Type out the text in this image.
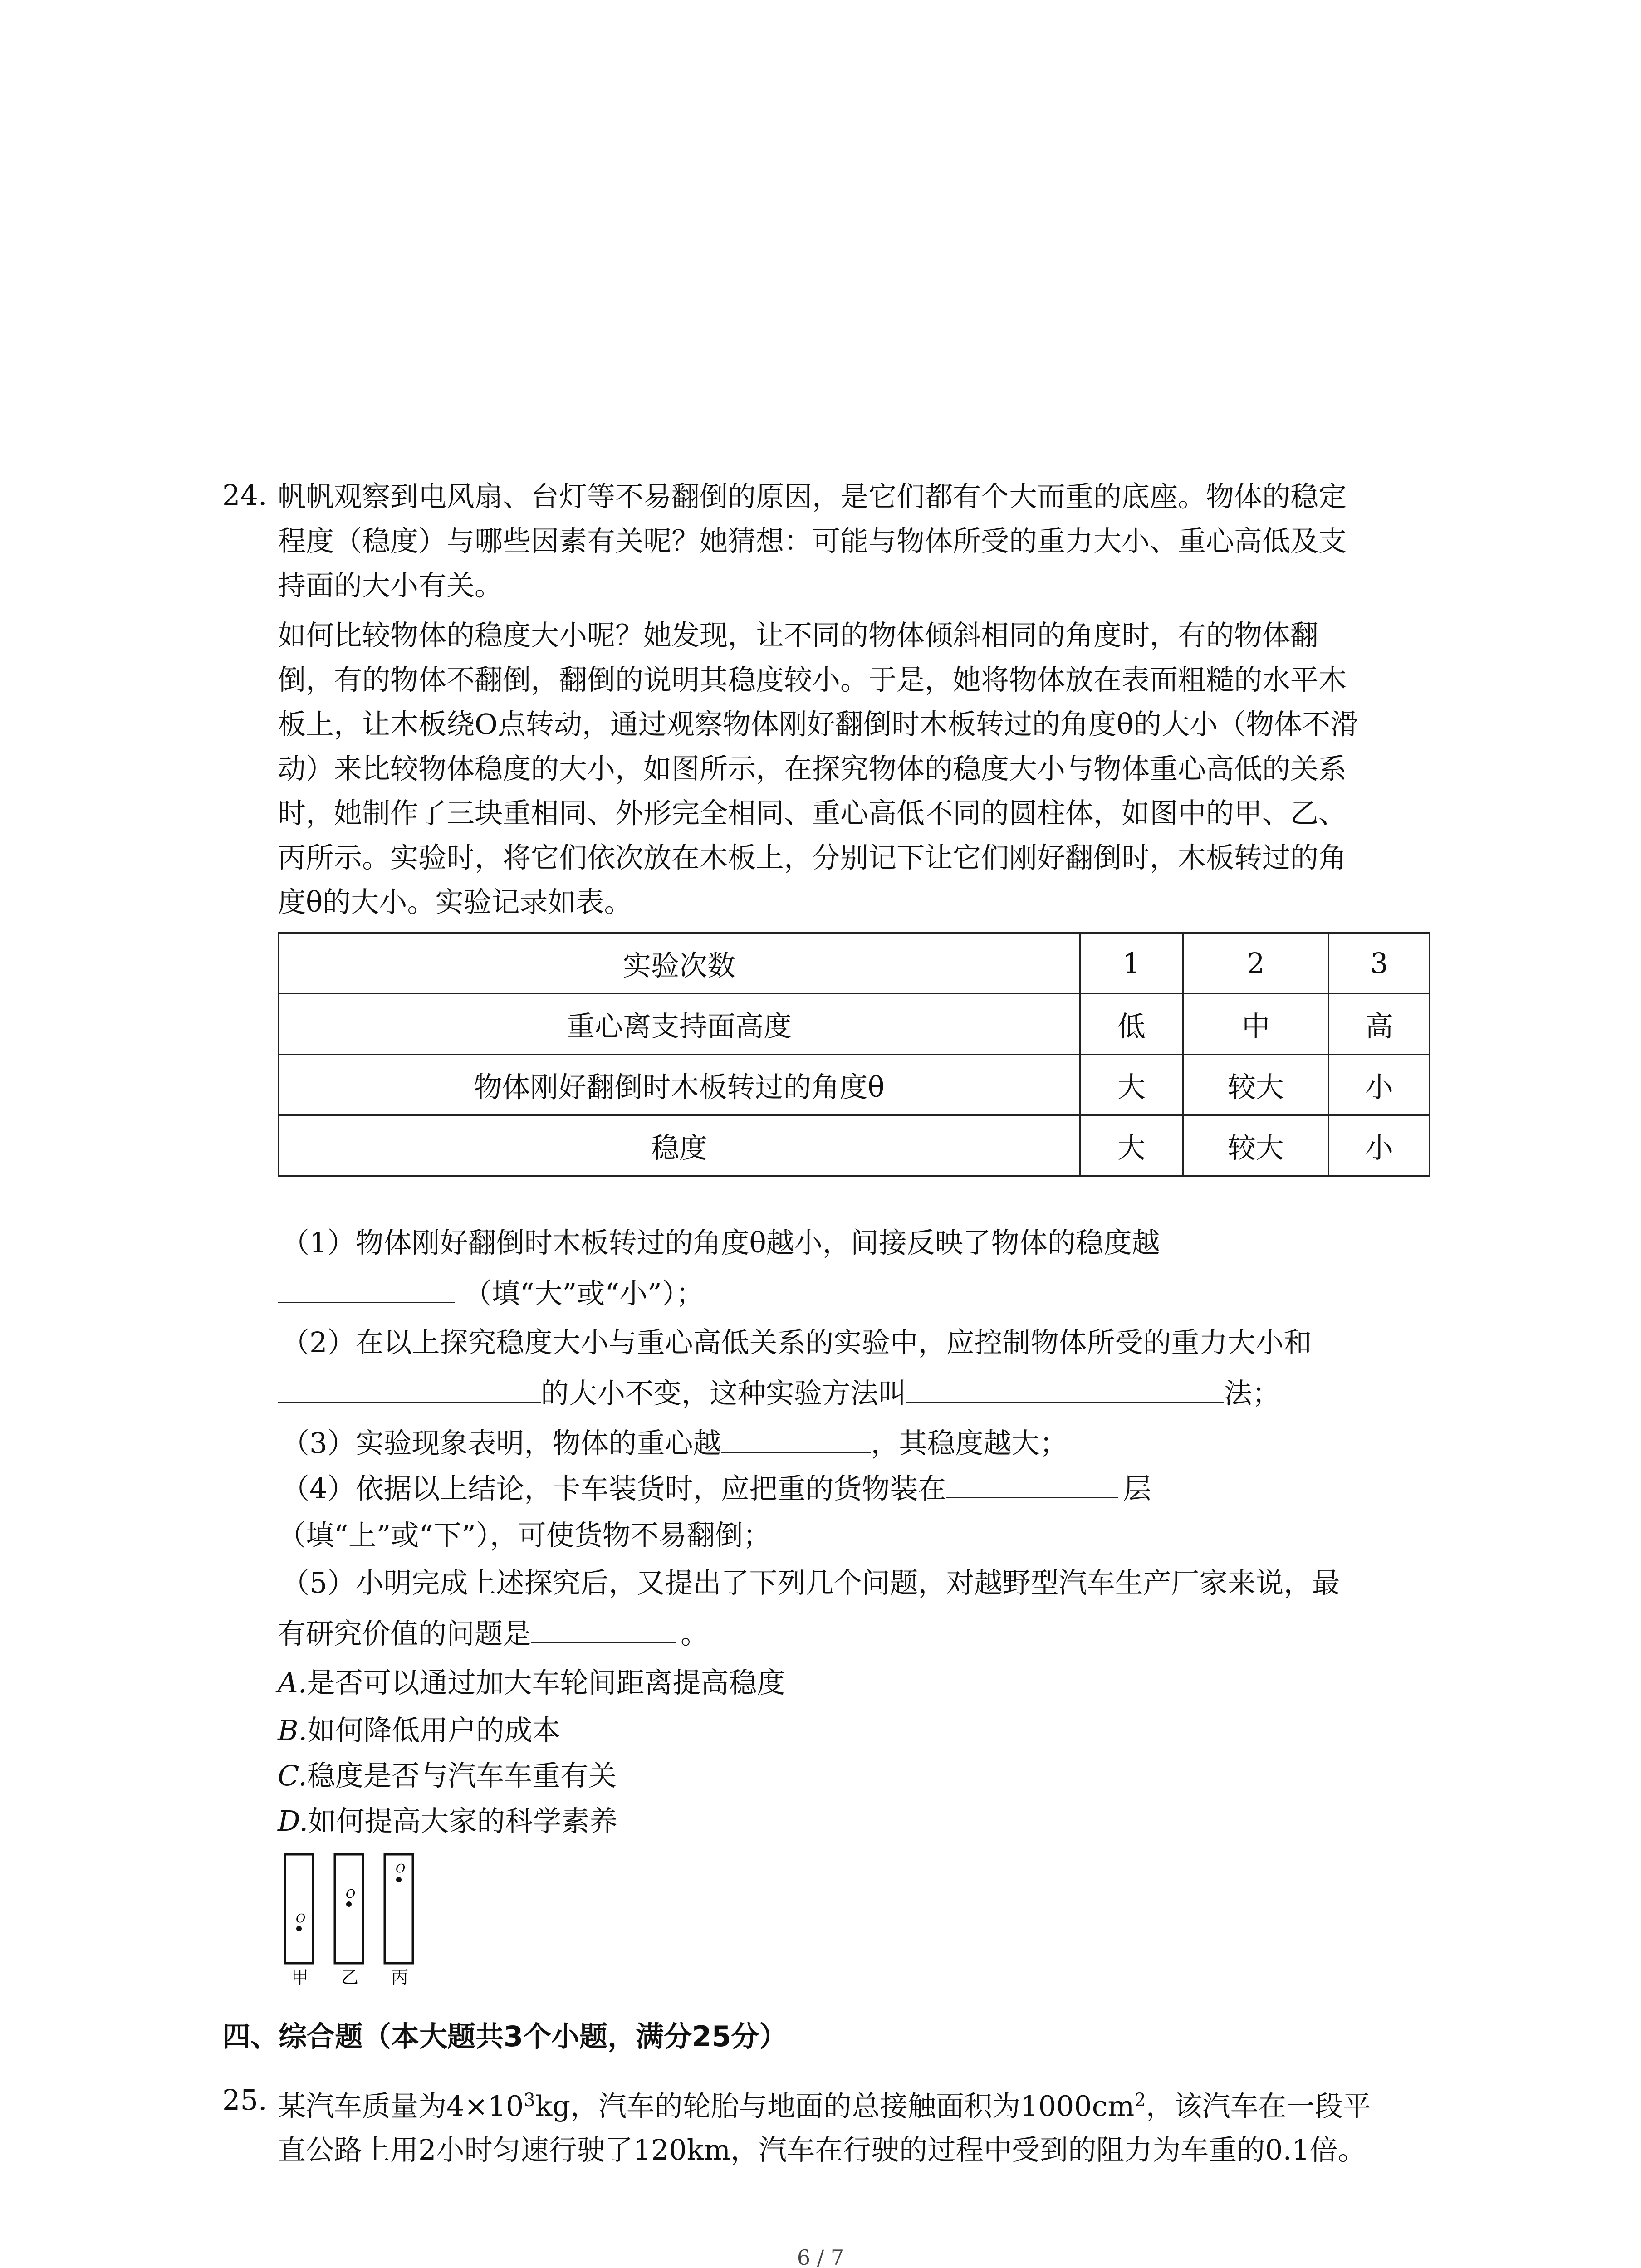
24. 帆帆观察到电风扇、台灯等不易翻倒的原因，是它们都有个大而重的底座。物体的稳定
程度（稳度）与哪些因素有关呢？她猜想：可能与物体所受的重力大小、重心高低及支
持面的大小有关。
如何比较物体的稳度大小呢？她发现，让不同的物体倾斜相同的角度时，有的物体翻
倒，有的物体不翻倒，翻倒的说明其稳度较小。于是，她将物体放在表面粗糙的水平木
板上，让木板绕O点转动，通过观察物体刚好翻倒时木板转过的角度θ的大小（物体不滑
动）来比较物体稳度的大小，如图所示，在探究物体的稳度大小与物体重心高低的关系
时，她制作了三块重相同、外形完全相同、重心高低不同的圆柱体，如图中的甲、乙、
丙所示。实验时，将它们依次放在木板上，分别记下让它们刚好翻倒时，木板转过的角
度θ的大小。实验记录如表。
实验次数	1	2	3
重心离支持面高度	低	中	高
物体刚好翻倒时木板转过的角度θ	大	较大	小
稳度	大	较大	小
（1）物体刚好翻倒时木板转过的角度θ越小，间接反映了物体的稳度越
（填“大”或“小”）；
（2）在以上探究稳度大小与重心高低关系的实验中，应控制物体所受的重力大小和
的大小不变，这种实验方法叫	法；
（3）实验现象表明，物体的重心越	，其稳度越大；
（4）依据以上结论，卡车装货时，应把重的货物装在	层
（填“上”或“下”），可使货物不易翻倒；
（5）小明完成上述探究后，又提出了下列几个问题，对越野型汽车生产厂家来说，最
有研究价值的问题是	。
A.是否可以通过加大车轮间距离提高稳度
B.如何降低用户的成本
C.稳度是否与汽车车重有关
D.如何提高大家的科学素养
O
O
O
甲 乙 丙
四、综合题（本大题共3个小题，满分25分）
25. 某汽车质量为$4\times 10^3kg$，汽车的轮胎与地面的总接触面积为$1000cm^2$，该汽车在一段平
直公路上用2小时匀速行驶了120km，汽车在行驶的过程中受到的阻力为车重的0.1倍。
6 / 7
